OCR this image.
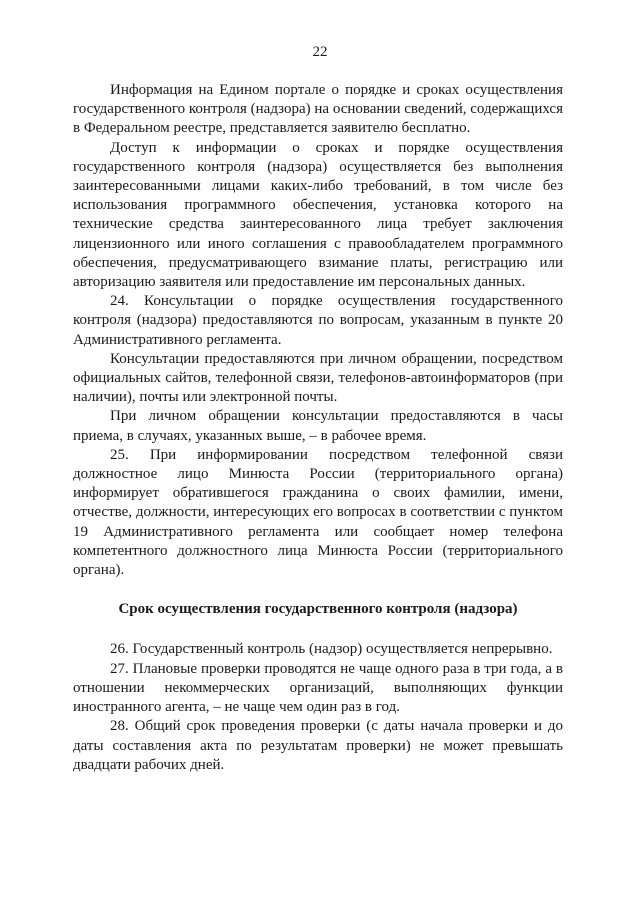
22

Информация на Едином портале о порядке и сроках осуществления государственного контроля (надзора) на основании сведений, содержащихся в Федеральном реестре, представляется заявителю бесплатно.

Доступ к информации о сроках и порядке осуществления государственного контроля (надзора) осуществляется без выполнения заинтересованными лицами каких-либо требований, в том числе без использования программного обеспечения, установка которого на технические средства заинтересованного лица требует заключения лицензионного или иного соглашения с правообладателем программного обеспечения, предусматривающего взимание платы, регистрацию или авторизацию заявителя или предоставление им персональных данных.

24. Консультации о порядке осуществления государственного контроля (надзора) предоставляются по вопросам, указанным в пункте 20 Административного регламента.

Консультации предоставляются при личном обращении, посредством официальных сайтов, телефонной связи, телефонов-автоинформаторов (при наличии), почты или электронной почты.

При личном обращении консультации предоставляются в часы приема, в случаях, указанных выше, – в рабочее время.

25. При информировании посредством телефонной связи должностное лицо Минюста России (территориального органа) информирует обратившегося гражданина о своих фамилии, имени, отчестве, должности, интересующих его вопросах в соответствии с пунктом 19 Административного регламента или сообщает номер телефона компетентного должностного лица Минюста России (территориального органа).

Срок осуществления государственного контроля (надзора)

26. Государственный контроль (надзор) осуществляется непрерывно.

27. Плановые проверки проводятся не чаще одного раза в три года, а в отношении некоммерческих организаций, выполняющих функции иностранного агента, – не чаще чем один раз в год.

28. Общий срок проведения проверки (с даты начала проверки и до даты составления акта по результатам проверки) не может превышать двадцати рабочих дней.
